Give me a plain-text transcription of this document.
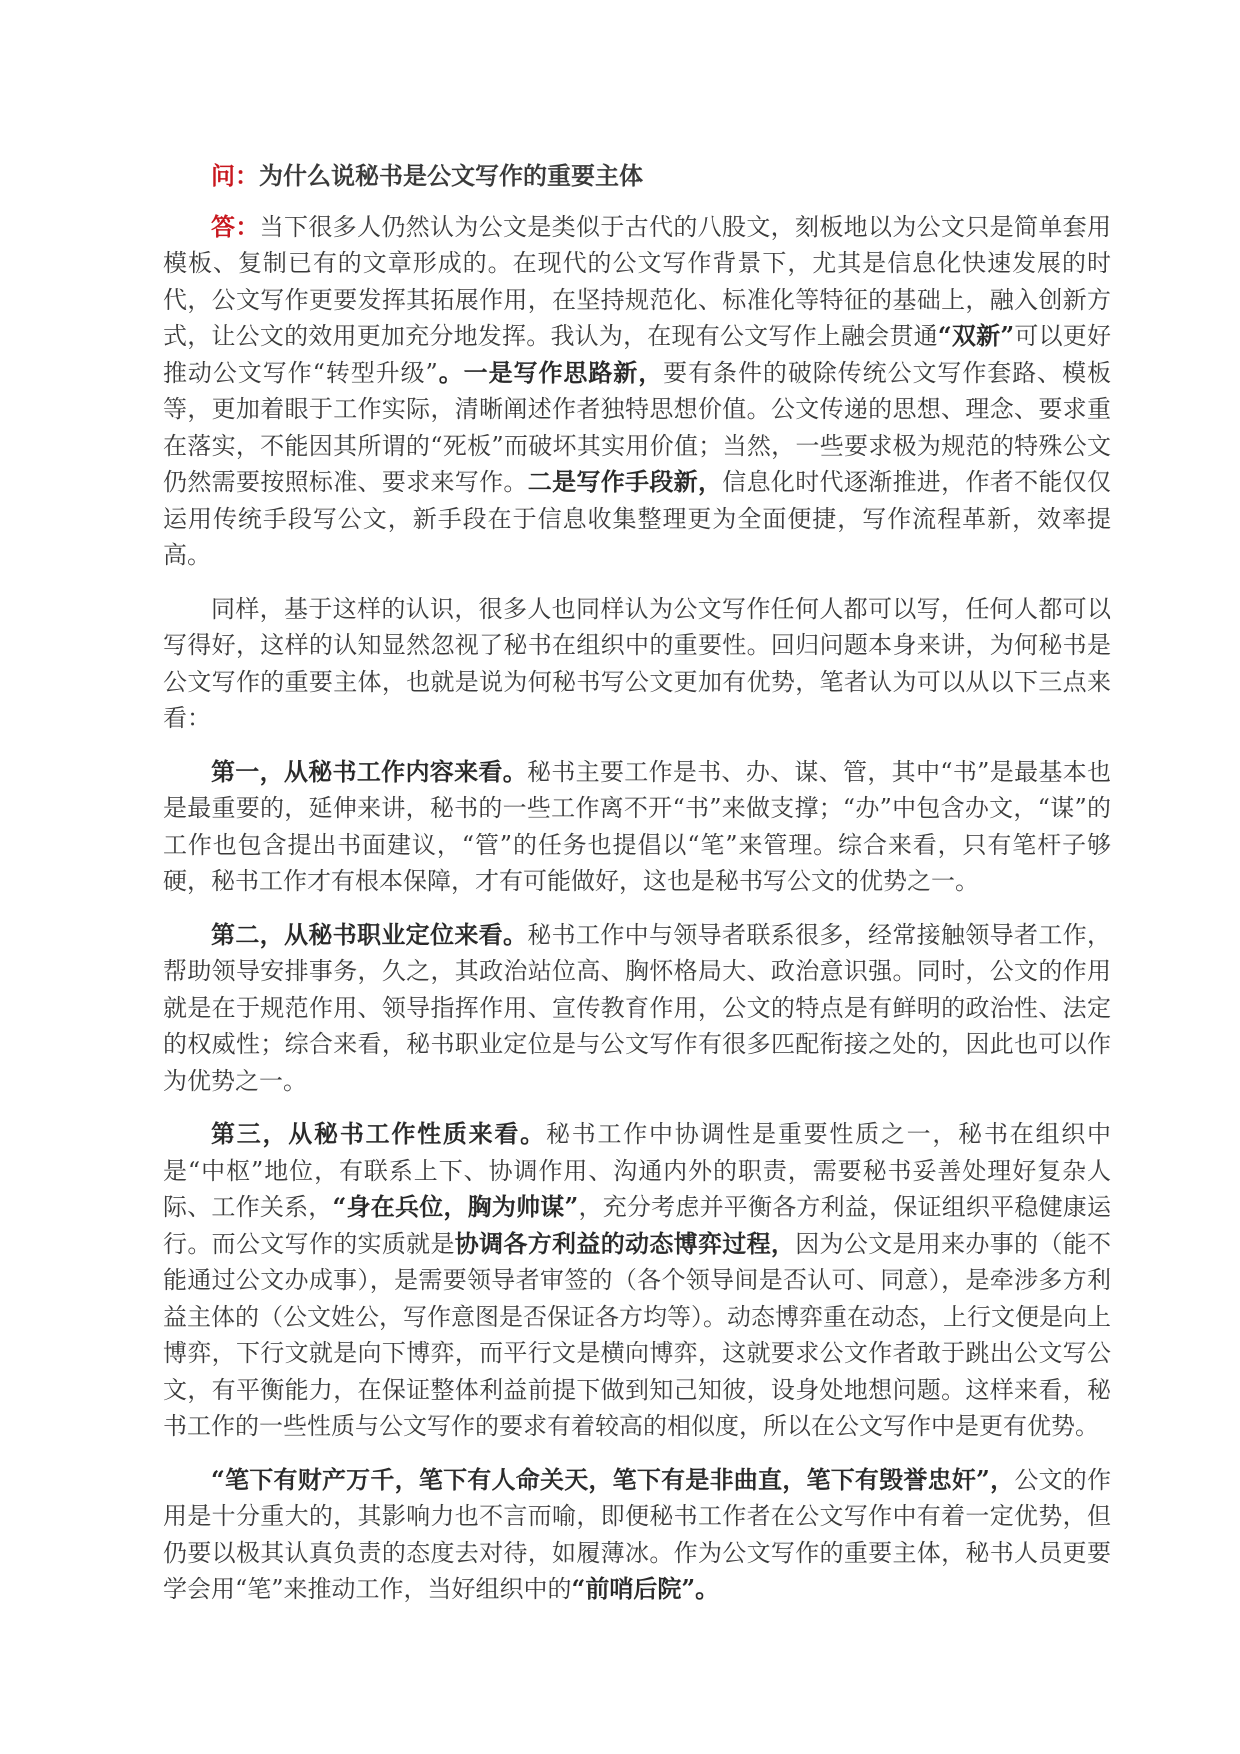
问：为什么说秘书是公文写作的重要主体

答：当下很多人仍然认为公文是类似于古代的八股文，刻板地以为公文只是简单套用模板、复制已有的文章形成的。在现代的公文写作背景下，尤其是信息化快速发展的时代，公文写作更要发挥其拓展作用，在坚持规范化、标准化等特征的基础上，融入创新方式，让公文的效用更加充分地发挥。我认为，在现有公文写作上融会贯通“双新”可以更好推动公文写作“转型升级”。一是写作思路新，要有条件的破除传统公文写作套路、模板等，更加着眼于工作实际，清晰阐述作者独特思想价值。公文传递的思想、理念、要求重在落实，不能因其所谓的“死板”而破坏其实用价值；当然，一些要求极为规范的特殊公文仍然需要按照标准、要求来写作。二是写作手段新，信息化时代逐渐推进，作者不能仅仅运用传统手段写公文，新手段在于信息收集整理更为全面便捷，写作流程革新，效率提高。

同样，基于这样的认识，很多人也同样认为公文写作任何人都可以写，任何人都可以写得好，这样的认知显然忽视了秘书在组织中的重要性。回归问题本身来讲，为何秘书是公文写作的重要主体，也就是说为何秘书写公文更加有优势，笔者认为可以从以下三点来看：

第一，从秘书工作内容来看。秘书主要工作是书、办、谋、管，其中“书”是最基本也是最重要的，延伸来讲，秘书的一些工作离不开“书”来做支撑；“办”中包含办文，“谋”的工作也包含提出书面建议，“管”的任务也提倡以“笔”来管理。综合来看，只有笔杆子够硬，秘书工作才有根本保障，才有可能做好，这也是秘书写公文的优势之一。

第二，从秘书职业定位来看。秘书工作中与领导者联系很多，经常接触领导者工作，帮助领导安排事务，久之，其政治站位高、胸怀格局大、政治意识强。同时，公文的作用就是在于规范作用、领导指挥作用、宣传教育作用，公文的特点是有鲜明的政治性、法定的权威性；综合来看，秘书职业定位是与公文写作有很多匹配衔接之处的，因此也可以作为优势之一。

第三，从秘书工作性质来看。秘书工作中协调性是重要性质之一，秘书在组织中是“中枢”地位，有联系上下、协调作用、沟通内外的职责，需要秘书妥善处理好复杂人际、工作关系，“身在兵位，胸为帅谋”，充分考虑并平衡各方利益，保证组织平稳健康运行。而公文写作的实质就是协调各方利益的动态博弈过程，因为公文是用来办事的（能不能通过公文办成事），是需要领导者审签的（各个领导间是否认可、同意），是牵涉多方利益主体的（公文姓公，写作意图是否保证各方均等）。动态博弈重在动态，上行文便是向上博弈，下行文就是向下博弈，而平行文是横向博弈，这就要求公文作者敢于跳出公文写公文，有平衡能力，在保证整体利益前提下做到知己知彼，设身处地想问题。这样来看，秘书工作的一些性质与公文写作的要求有着较高的相似度，所以在公文写作中是更有优势。

“笔下有财产万千，笔下有人命关天，笔下有是非曲直，笔下有毁誉忠奸”，公文的作用是十分重大的，其影响力也不言而喻，即便秘书工作者在公文写作中有着一定优势，但仍要以极其认真负责的态度去对待，如履薄冰。作为公文写作的重要主体，秘书人员更要学会用“笔”来推动工作，当好组织中的“前哨后院”。
